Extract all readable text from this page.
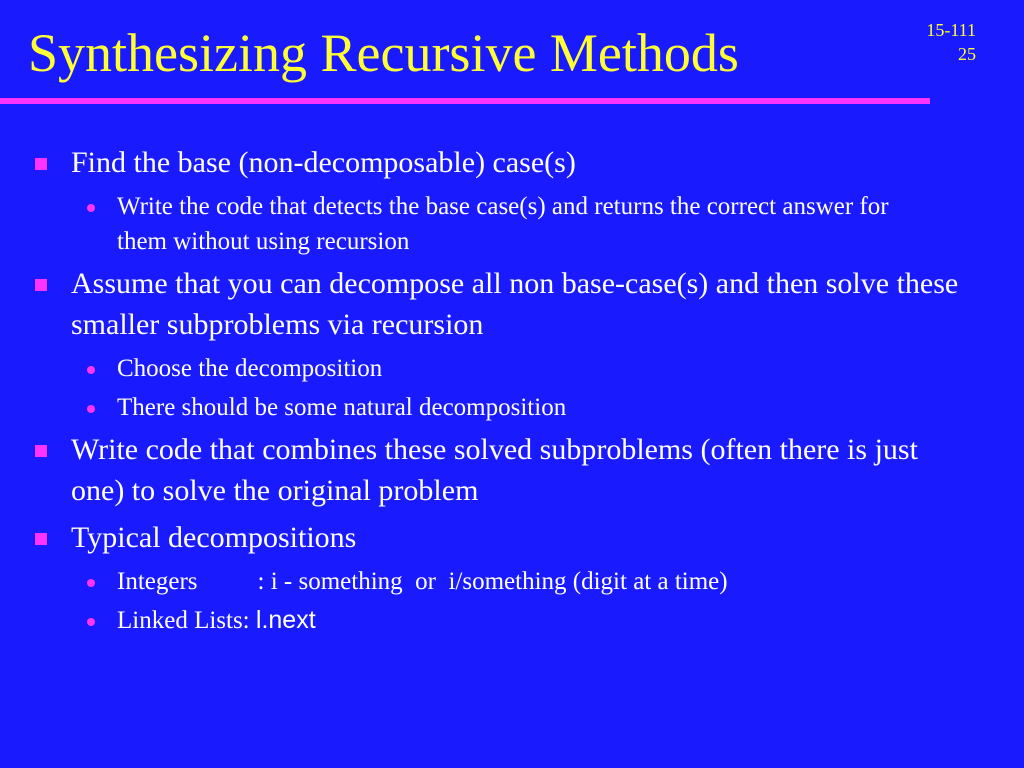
Synthesizing Recursive Methods	15-111
25
Find the base (non-decomposable) case(s)
Write the code that detects the base case(s) and returns the correct answer for them without using recursion
Assume that you can decompose all non base-case(s) and then solve these smaller subproblems via recursion
Choose the decomposition
There should be some natural decomposition
Write code that combines these solved subproblems (often there is just one) to solve the original problem
Typical decompositions
Integers : i - something  or  i/something (digit at a time)
Linked Lists: l.next
